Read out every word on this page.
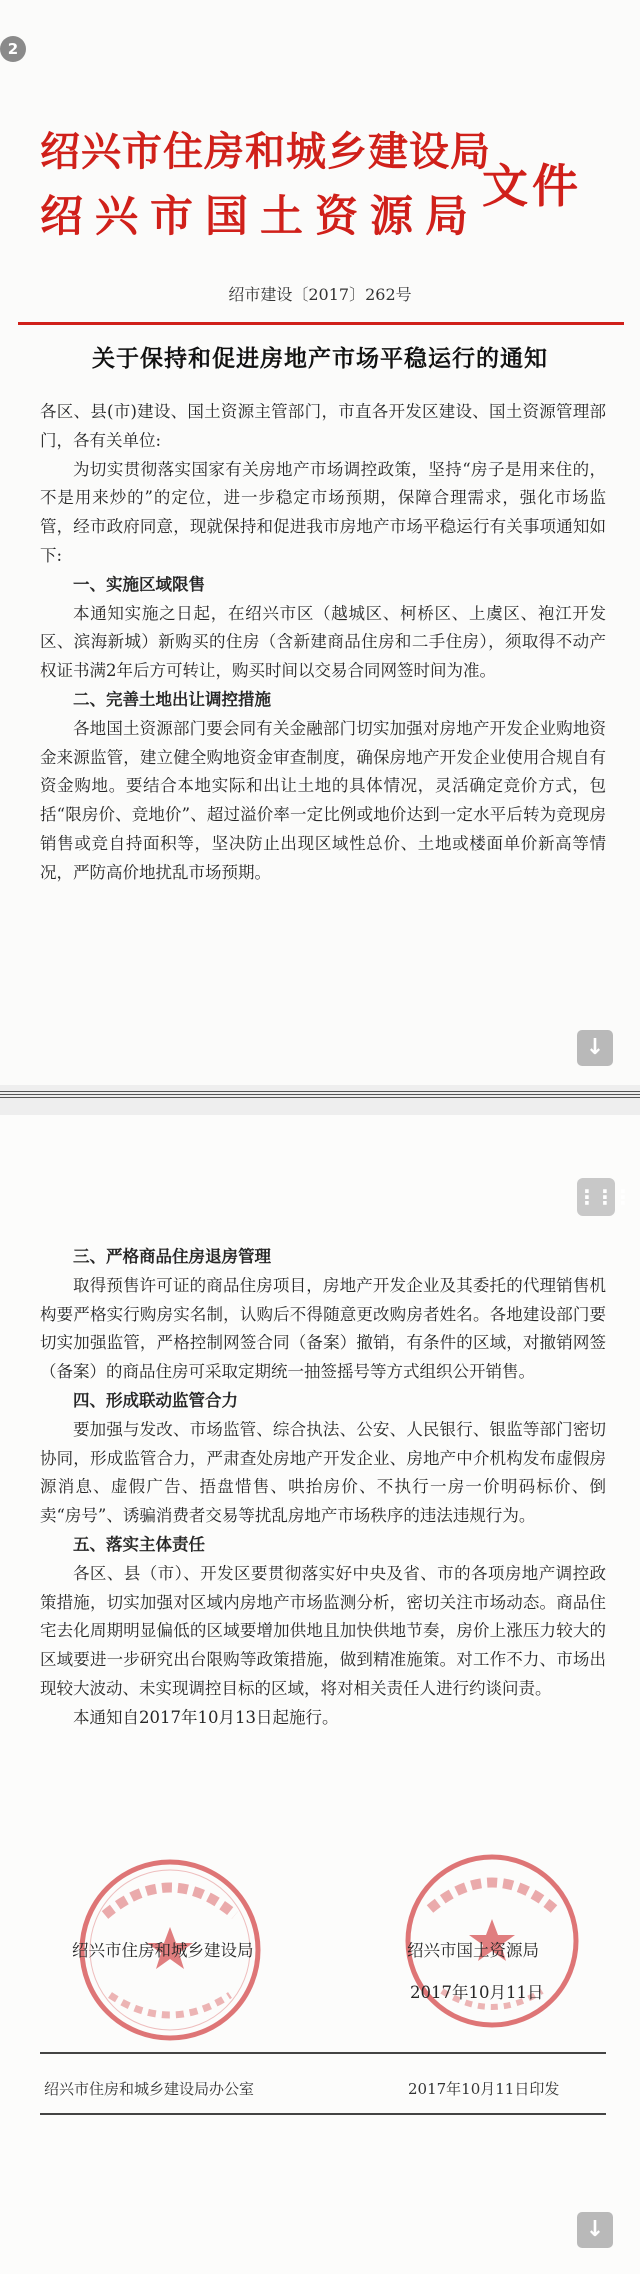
2
绍兴市住房和城乡建设局
绍兴市国土资源局
文件
绍市建设〔2017〕262号
关于保持和促进房地产市场平稳运行的通知

各区、县(市)建设、国土资源主管部门，市直各开发区建设、国土资源管理部门，各有关单位:

为切实贯彻落实国家有关房地产市场调控政策，坚持“房子是用来住的，不是用来炒的”的定位，进一步稳定市场预期，保障合理需求，强化市场监管，经市政府同意，现就保持和促进我市房地产市场平稳运行有关事项通知如下:

一、实施区域限售

本通知实施之日起，在绍兴市区（越城区、柯桥区、上虞区、袍江开发区、滨海新城）新购买的住房（含新建商品住房和二手住房），须取得不动产权证书满2年后方可转让，购买时间以交易合同网签时间为准。

二、完善土地出让调控措施

各地国土资源部门要会同有关金融部门切实加强对房地产开发企业购地资金来源监管，建立健全购地资金审查制度，确保房地产开发企业使用合规自有资金购地。要结合本地实际和出让土地的具体情况，灵活确定竞价方式，包括“限房价、竞地价”、超过溢价率一定比例或地价达到一定水平后转为竞现房销售或竞自持面积等，坚决防止出现区域性总价、土地或楼面单价新高等情况，严防高价地扰乱市场预期。

↓
⋮⋮⋮

三、严格商品住房退房管理

取得预售许可证的商品住房项目，房地产开发企业及其委托的代理销售机构要严格实行购房实名制，认购后不得随意更改购房者姓名。各地建设部门要切实加强监管，严格控制网签合同（备案）撤销，有条件的区域，对撤销网签（备案）的商品住房可采取定期统一抽签摇号等方式组织公开销售。

四、形成联动监管合力

要加强与发改、市场监管、综合执法、公安、人民银行、银监等部门密切协同，形成监管合力，严肃查处房地产开发企业、房地产中介机构发布虚假房源消息、虚假广告、捂盘惜售、哄抬房价、不执行一房一价明码标价、倒卖“房号”、诱骗消费者交易等扰乱房地产市场秩序的违法违规行为。

五、落实主体责任

各区、县（市）、开发区要贯彻落实好中央及省、市的各项房地产调控政策措施，切实加强对区域内房地产市场监测分析，密切关注市场动态。商品住宅去化周期明显偏低的区域要增加供地且加快供地节奏，房价上涨压力较大的区域要进一步研究出台限购等政策措施，做到精准施策。对工作不力、市场出现较大波动、未实现调控目标的区域，将对相关责任人进行约谈问责。

本通知自2017年10月13日起施行。

绍兴市住房和城乡建设局	绍兴市国土资源局
2017年10月11日
绍兴市住房和城乡建设局办公室	2017年10月11日印发
↓
